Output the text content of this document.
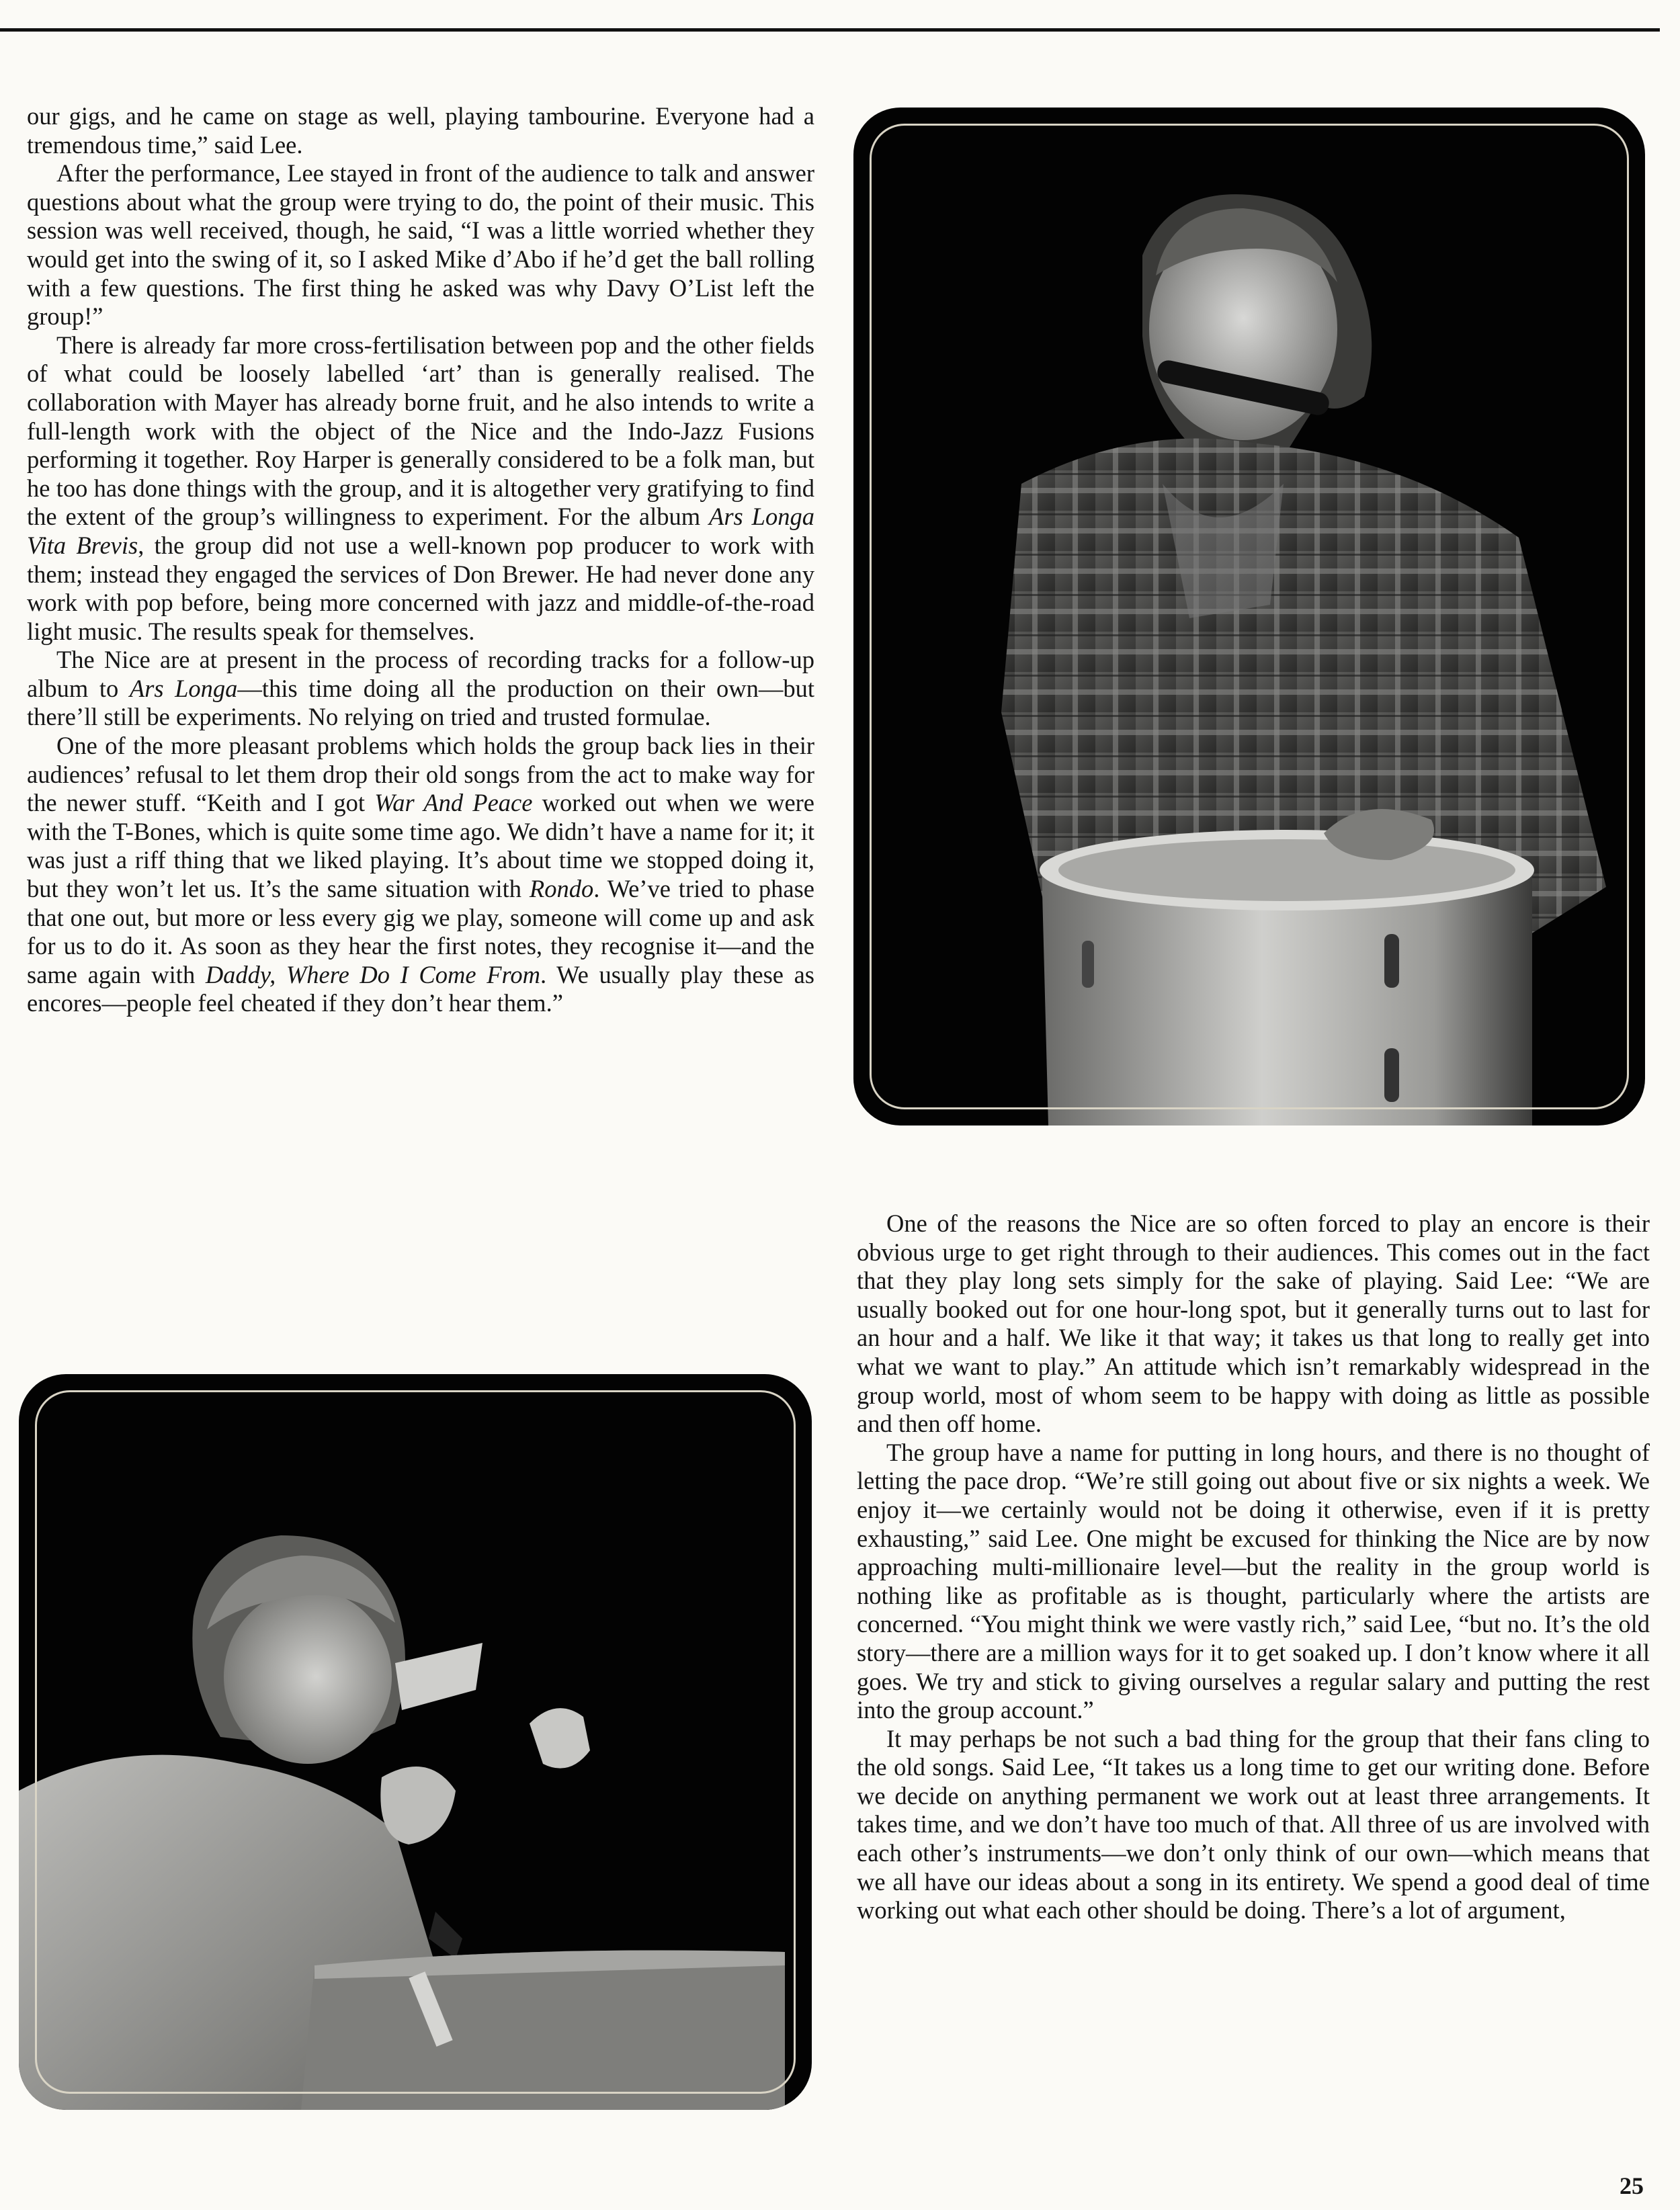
our gigs, and he came on stage as well, playing tambourine. Everyone had a tremendous time,” said Lee.

After the performance, Lee stayed in front of the audience to talk and answer questions about what the group were trying to do, the point of their music. This session was well received, though, he said, “I was a little worried whether they would get into the swing of it, so I asked Mike d’Abo if he’d get the ball rolling with a few questions. The first thing he asked was why Davy O’List left the group!”

There is already far more cross-fertilisation between pop and the other fields of what could be loosely labelled ‘art’ than is generally realised. The collaboration with Mayer has already borne fruit, and he also intends to write a full-length work with the object of the Nice and the Indo-Jazz Fusions performing it together. Roy Harper is generally considered to be a folk man, but he too has done things with the group, and it is altogether very gratifying to find the extent of the group’s willingness to experiment. For the album Ars Longa Vita Brevis, the group did not use a well-known pop producer to work with them; instead they engaged the services of Don Brewer. He had never done any work with pop before, being more concerned with jazz and middle-of-the-road light music. The results speak for themselves.

The Nice are at present in the process of recording tracks for a follow-up album to Ars Longa—this time doing all the production on their own—but there’ll still be experiments. No relying on tried and trusted formulae.

One of the more pleasant problems which holds the group back lies in their audiences’ refusal to let them drop their old songs from the act to make way for the newer stuff. “Keith and I got War And Peace worked out when we were with the T-Bones, which is quite some time ago. We didn’t have a name for it; it was just a riff thing that we liked playing. It’s about time we stopped doing it, but they won’t let us. It’s the same situation with Rondo. We’ve tried to phase that one out, but more or less every gig we play, someone will come up and ask for us to do it. As soon as they hear the first notes, they recognise it—and the same again with Daddy, Where Do I Come From. We usually play these as encores—people feel cheated if they don’t hear them.”

One of the reasons the Nice are so often forced to play an encore is their obvious urge to get right through to their audiences. This comes out in the fact that they play long sets simply for the sake of playing. Said Lee: “We are usually booked out for one hour-long spot, but it generally turns out to last for an hour and a half. We like it that way; it takes us that long to really get into what we want to play.” An attitude which isn’t remarkably widespread in the group world, most of whom seem to be happy with doing as little as possible and then off home.

The group have a name for putting in long hours, and there is no thought of letting the pace drop. “We’re still going out about five or six nights a week. We enjoy it—we certainly would not be doing it otherwise, even if it is pretty exhausting,” said Lee. One might be excused for thinking the Nice are by now approaching multi-millionaire level—but the reality in the group world is nothing like as profitable as is thought, particularly where the artists are concerned. “You might think we were vastly rich,” said Lee, “but no. It’s the old story—there are a million ways for it to get soaked up. I don’t know where it all goes. We try and stick to giving ourselves a regular salary and putting the rest into the group account.”

It may perhaps be not such a bad thing for the group that their fans cling to the old songs. Said Lee, “It takes us a long time to get our writing done. Before we decide on anything permanent we work out at least three arrangements. It takes time, and we don’t have too much of that. All three of us are involved with each other’s instruments—we don’t only think of our own—which means that we all have our ideas about a song in its entirety. We spend a good deal of time working out what each other should be doing. There’s a lot of argument,

25
